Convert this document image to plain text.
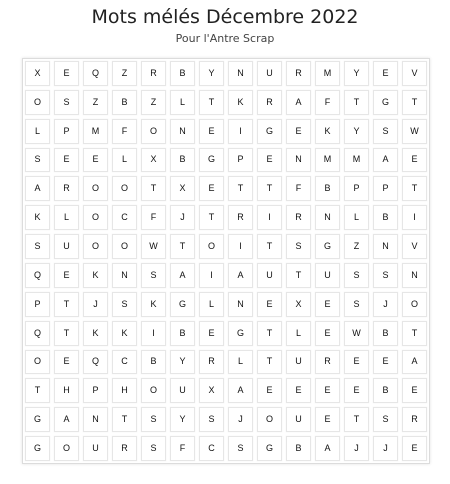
Mots mélés Décembre 2022
Pour l'Antre Scrap
X	E	Q	Z	R	B	Y	N	U	R	M	Y	E	V
O	S	Z	B	Z	L	T	K	R	A	F	T	G	T
L	P	M	F	O	N	E	I	G	E	K	Y	S	W
S	E	E	L	X	B	G	P	E	N	M	M	A	E
A	R	O	O	T	X	E	T	T	F	B	P	P	T
K	L	O	C	F	J	T	R	I	R	N	L	B	I
S	U	O	O	W	T	O	I	T	S	G	Z	N	V
Q	E	K	N	S	A	I	A	U	T	U	S	S	N
P	T	J	S	K	G	L	N	E	X	E	S	J	O
Q	T	K	K	I	B	E	G	T	L	E	W	B	T
O	E	Q	C	B	Y	R	L	T	U	R	E	E	A
T	H	P	H	O	U	X	A	E	E	E	E	B	E
G	A	N	T	S	Y	S	J	O	U	E	T	S	R
G	O	U	R	S	F	C	S	G	B	A	J	J	E
